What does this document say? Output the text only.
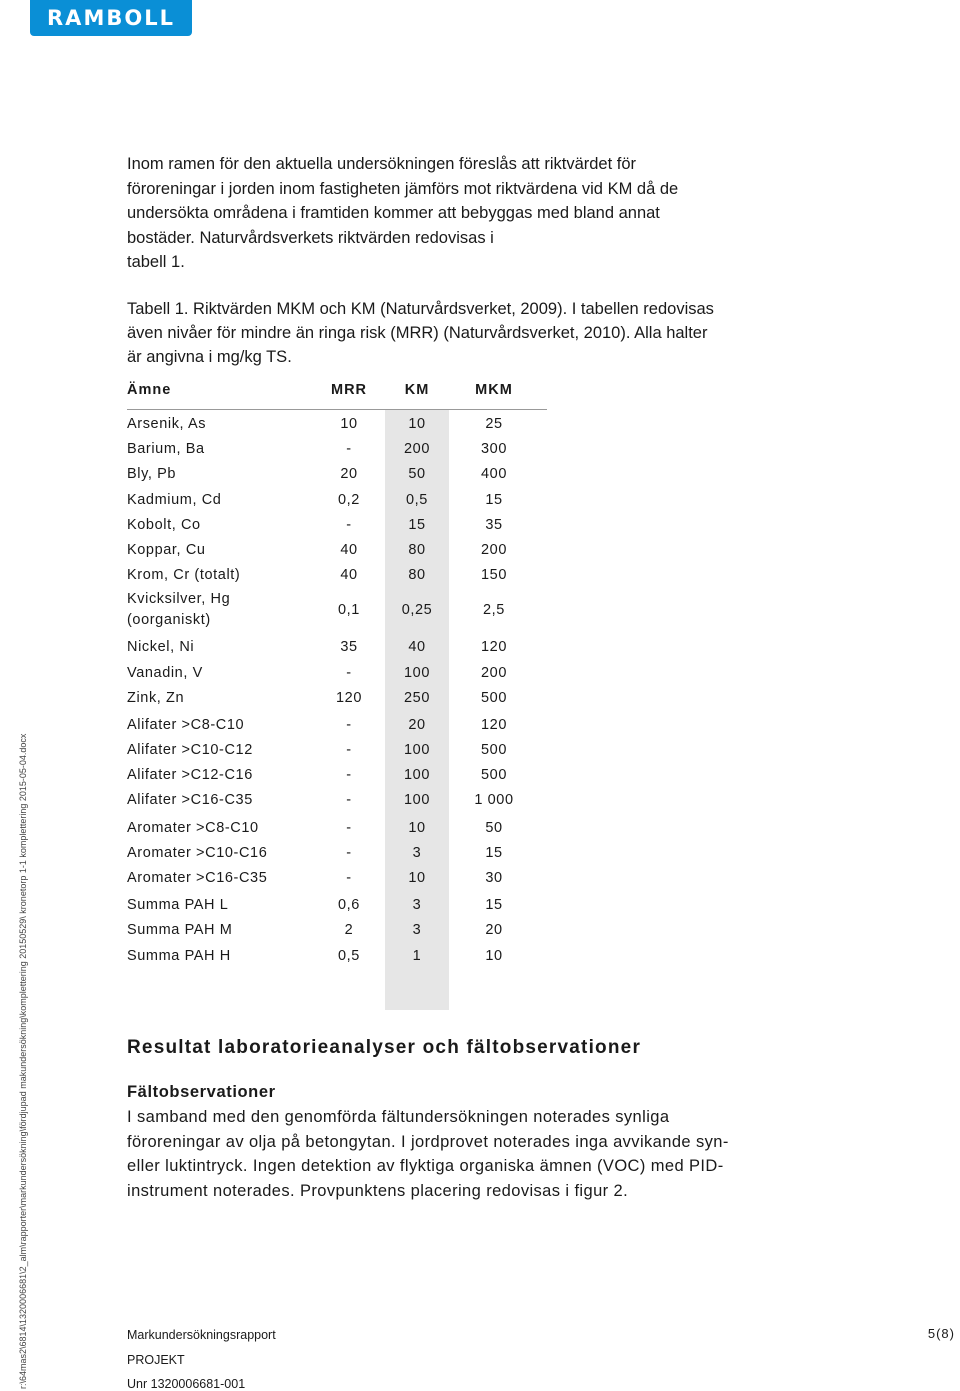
RAMBOLL
r:\64mas2\6814\1320006681\2_alm\rapporter\markundersökning\fördjupad makundersökning\komplettering 20150529\ kronetorp 1-1 komplettering 2015-05-04.docx
Inom ramen för den aktuella undersökningen föreslås att riktvärdet för
föroreningar i jorden inom fastigheten jämförs mot riktvärdena vid KM då de
undersökta områdena i framtiden kommer att bebyggas med bland annat
bostäder. Naturvårdsverkets riktvärden redovisas i
tabell 1.
Tabell 1. Riktvärden MKM och KM (Naturvårdsverket, 2009). I tabellen redovisas
även nivåer för mindre än ringa risk (MRR) (Naturvårdsverket, 2010). Alla halter
är angivna i mg/kg TS.
Ämne	MRR	KM	MKM
Arsenik, As	10	10	25
Barium, Ba	-	200	300
Bly, Pb	20	50	400
Kadmium, Cd	0,2	0,5	15
Kobolt, Co	-	15	35
Koppar, Cu	40	80	200
Krom, Cr (totalt)	40	80	150
Kvicksilver, Hg (oorganiskt)
0,1	0,25	2,5
Nickel, Ni	35	40	120
Vanadin, V	-	100	200
Zink, Zn	120	250	500
Alifater >C8-C10	-	20	120
Alifater >C10-C12	-	100	500
Alifater >C12-C16	-	100	500
Alifater >C16-C35	-	100	1 000
Aromater >C8-C10	-	10	50
Aromater >C10-C16	-	3	15
Aromater >C16-C35	-	10	30
Summa PAH L	0,6	3	15
Summa PAH M	2	3	20
Summa PAH H	0,5	1	10
Resultat laboratorieanalyser och fältobservationer
Fältobservationer
I samband med den genomförda fältundersökningen noterades synliga
föroreningar av olja på betongytan. I jordprovet noterades inga avvikande syn-
eller luktintryck. Ingen detektion av flyktiga organiska ämnen (VOC) med PID-
instrument noterades. Provpunktens placering redovisas i figur 2.
Markundersökningsrapport
PROJEKT
Unr 1320006681-001
5(8)
